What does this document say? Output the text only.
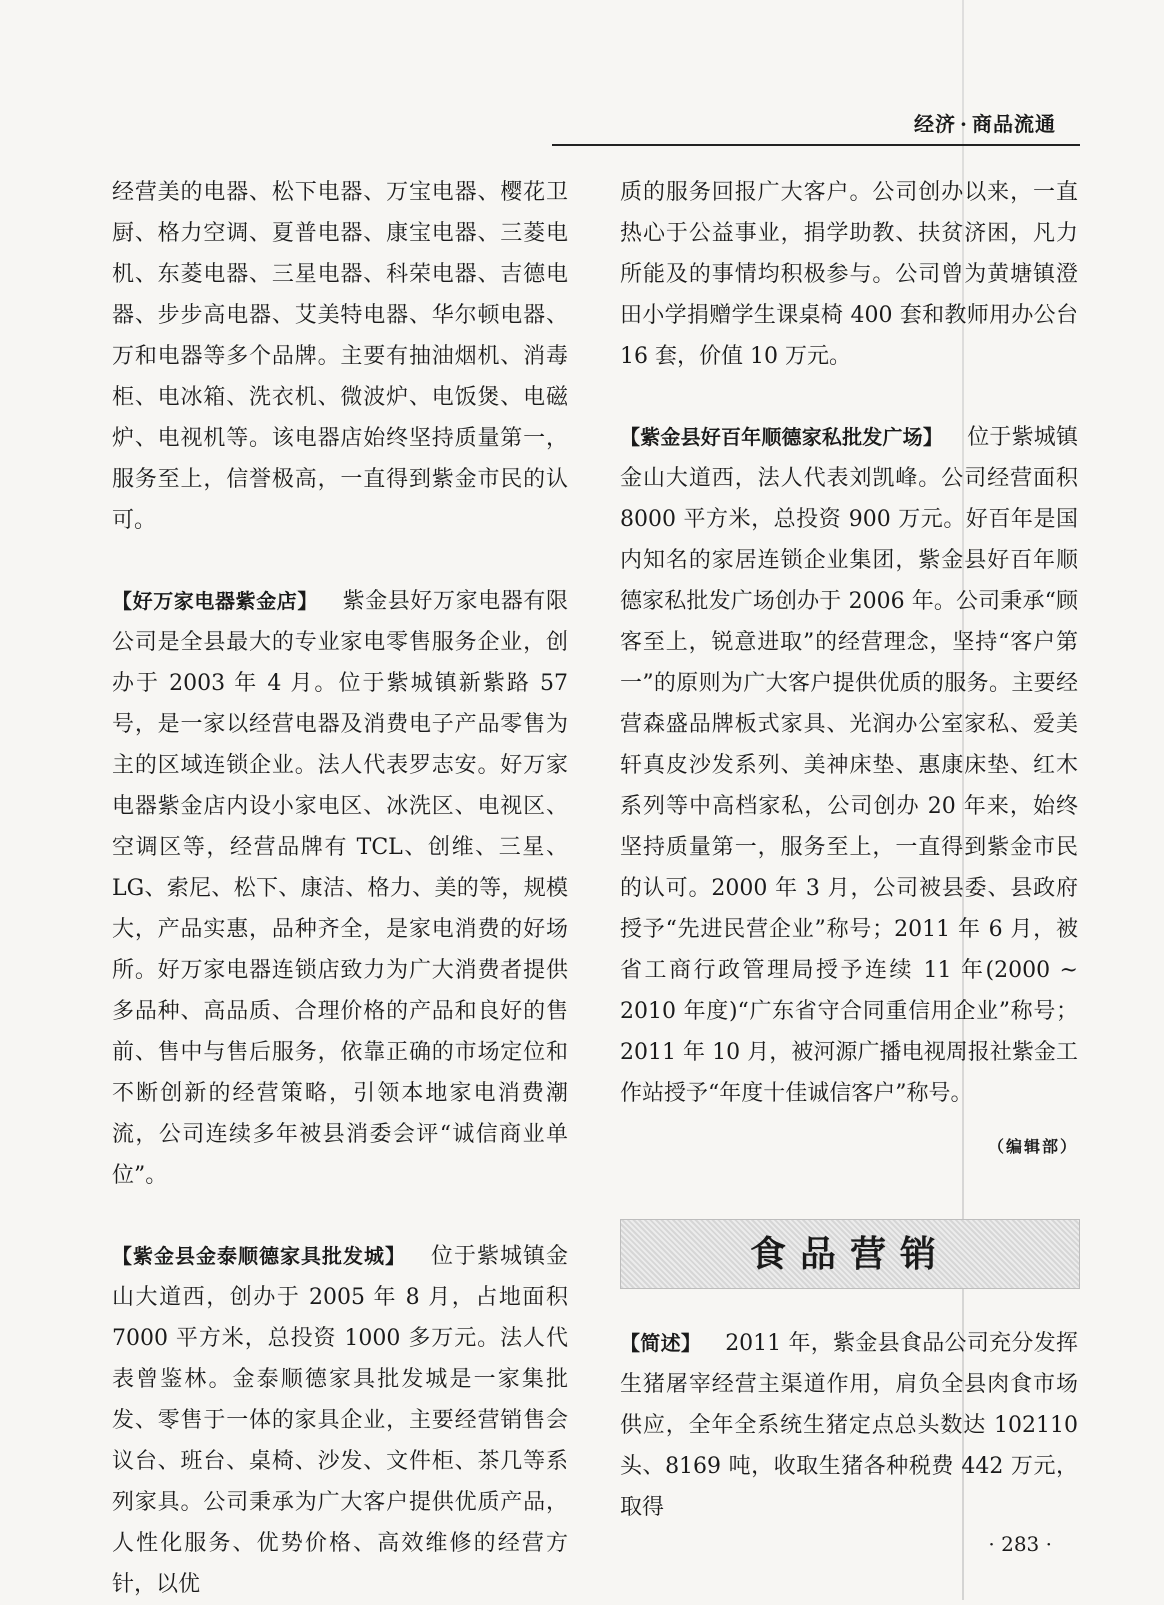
经济 · 商品流通

经营美的电器、松下电器、万宝电器、樱花卫厨、格力空调、夏普电器、康宝电器、三菱电机、东菱电器、三星电器、科荣电器、吉德电器、步步高电器、艾美特电器、华尔顿电器、万和电器等多个品牌。主要有抽油烟机、消毒柜、电冰箱、洗衣机、微波炉、电饭煲、电磁炉、电视机等。该电器店始终坚持质量第一，服务至上，信誉极高，一直得到紫金市民的认可。

【好万家电器紫金店】 紫金县好万家电器有限公司是全县最大的专业家电零售服务企业，创办于 2003 年 4 月。位于紫城镇新紫路 57 号，是一家以经营电器及消费电子产品零售为主的区域连锁企业。法人代表罗志安。好万家电器紫金店内设小家电区、冰洗区、电视区、空调区等，经营品牌有 TCL、创维、三星、LG、索尼、松下、康洁、格力、美的等，规模大，产品实惠，品种齐全，是家电消费的好场所。好万家电器连锁店致力为广大消费者提供多品种、高品质、合理价格的产品和良好的售前、售中与售后服务，依靠正确的市场定位和不断创新的经营策略，引领本地家电消费潮流，公司连续多年被县消委会评“诚信商业单位”。

【紫金县金泰顺德家具批发城】 位于紫城镇金山大道西，创办于 2005 年 8 月，占地面积 7000 平方米，总投资 1000 多万元。法人代表曾鉴林。金泰顺德家具批发城是一家集批发、零售于一体的家具企业，主要经营销售会议台、班台、桌椅、沙发、文件柜、茶几等系列家具。公司秉承为广大客户提供优质产品，人性化服务、优势价格、高效维修的经营方针，以优

质的服务回报广大客户。公司创办以来，一直热心于公益事业，捐学助教、扶贫济困，凡力所能及的事情均积极参与。公司曾为黄塘镇澄田小学捐赠学生课桌椅 400 套和教师用办公台 16 套，价值 10 万元。

【紫金县好百年顺德家私批发广场】 位于紫城镇金山大道西，法人代表刘凯峰。公司经营面积 8000 平方米，总投资 900 万元。好百年是国内知名的家居连锁企业集团，紫金县好百年顺德家私批发广场创办于 2006 年。公司秉承“顾客至上，锐意进取”的经营理念，坚持“客户第一”的原则为广大客户提供优质的服务。主要经营森盛品牌板式家具、光润办公室家私、爱美轩真皮沙发系列、美神床垫、惠康床垫、红木系列等中高档家私，公司创办 20 年来，始终坚持质量第一，服务至上，一直得到紫金市民的认可。2000 年 3 月，公司被县委、县政府授予“先进民营企业”称号；2011 年 6 月，被省工商行政管理局授予连续 11 年(2000 ~ 2010 年度)“广东省守合同重信用企业”称号；2011 年 10 月，被河源广播电视周报社紫金工作站授予“年度十佳诚信客户”称号。

（编辑部）
食品营销

【简述】 2011 年，紫金县食品公司充分发挥生猪屠宰经营主渠道作用，肩负全县肉食市场供应，全年全系统生猪定点总头数达 102110 头、8169 吨，收取生猪各种税费 442 万元，取得

· 283 ·
